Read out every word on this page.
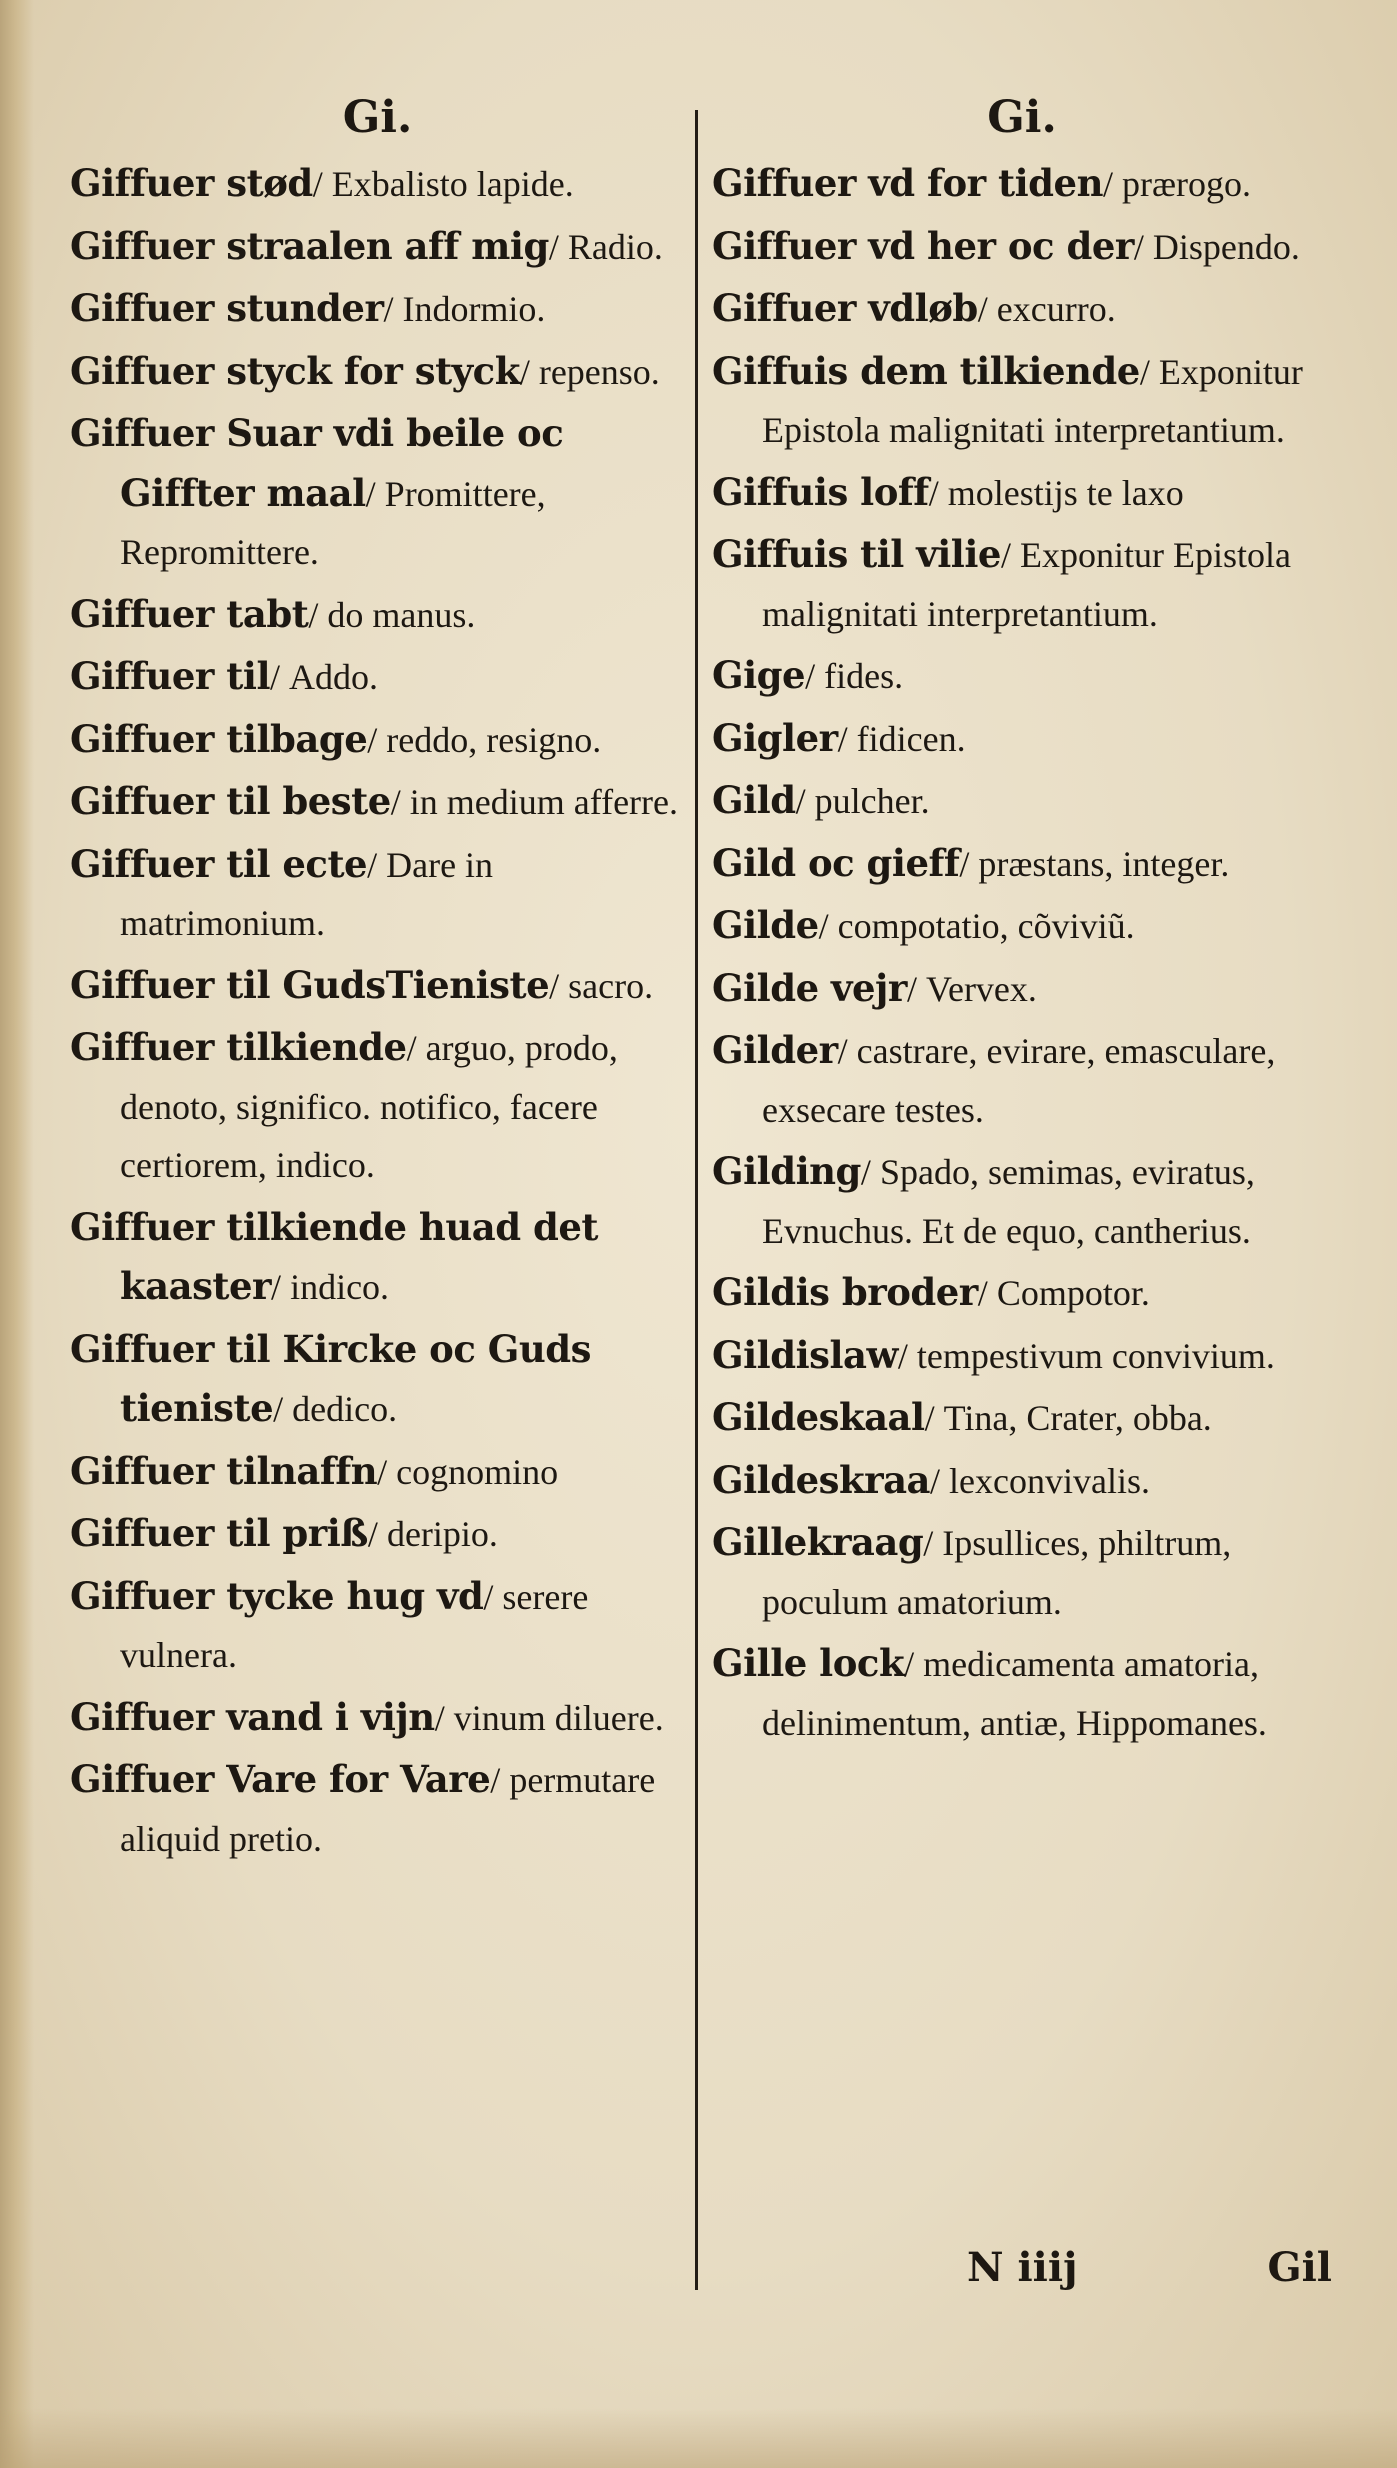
Gi.

Giffuer stød/ Exbalisto lapide.

Giffuer straalen aff mig/ Radio.

Giffuer stunder/ Indormio.

Giffuer styck for styck/ repenso.

Giffuer Suar vdi beile oc Giffter maal/ Promittere, Repromittere.

Giffuer tabt/ do manus.

Giffuer til/ Addo.

Giffuer tilbage/ reddo, resigno.

Giffuer til beste/ in medium afferre.

Giffuer til ecte/ Dare in matrimonium.

Giffuer til GudsTieniste/ sacro.

Giffuer tilkiende/ arguo, prodo, denoto, significo. notifico, facere certiorem, indico.

Giffuer tilkiende huad det kaaster/ indico.

Giffuer til Kircke oc Guds tieniste/ dedico.

Giffuer tilnaffn/ cognomino

Giffuer til priß/ deripio.

Giffuer tycke hug vd/ serere vulnera.

Giffuer vand i vijn/ vinum diluere.

Giffuer Vare for Vare/ permutare aliquid pretio.

Gi.

Giffuer vd for tiden/ prærogo.

Giffuer vd her oc der/ Dispendo.

Giffuer vdløb/ excurro.

Giffuis dem tilkiende/ Exponitur Epistola malignitati interpretantium.

Giffuis loff/ molestijs te laxo

Giffuis til vilie/ Exponitur Epistola malignitati interpretantium.

Gige/ fides.

Gigler/ fidicen.

Gild/ pulcher.

Gild oc gieff/ præstans, integer.

Gilde/ compotatio, cõviviũ.

Gilde vejr/ Vervex.

Gilder/ castrare, evirare, emasculare, exsecare testes.

Gilding/ Spado, semimas, eviratus, Evnuchus. Et de equo, cantherius.

Gildis broder/ Compotor.

Gildislaw/ tempestivum convivium.

Gildeskaal/ Tina, Crater, obba.

Gildeskraa/ lexconvivalis.

Gillekraag/ Ipsullices, philtrum, poculum amatorium.

Gille lock/ medicamenta amatoria, delinimentum, antiæ, Hippomanes.

N iiij	Gil
